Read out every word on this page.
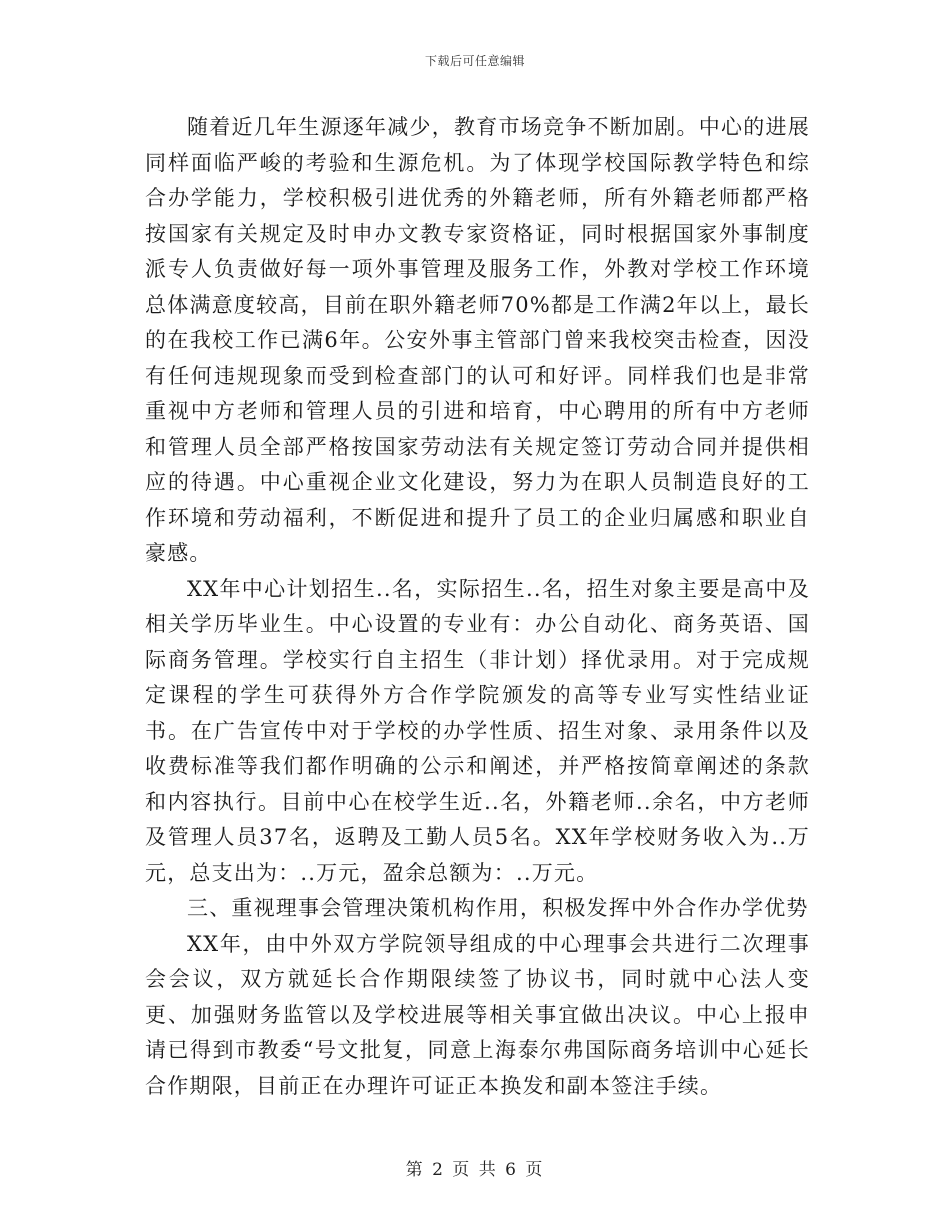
下载后可任意编辑

随着近几年生源逐年减少，教育市场竞争不断加剧。中心的进展同样面临严峻的考验和生源危机。为了体现学校国际教学特色和综合办学能力，学校积极引进优秀的外籍老师，所有外籍老师都严格按国家有关规定及时申办文教专家资格证，同时根据国家外事制度派专人负责做好每一项外事管理及服务工作，外教对学校工作环境总体满意度较高，目前在职外籍老师70%都是工作满2年以上，最长的在我校工作已满6年。公安外事主管部门曾来我校突击检查，因没有任何违规现象而受到检查部门的认可和好评。同样我们也是非常重视中方老师和管理人员的引进和培育，中心聘用的所有中方老师和管理人员全部严格按国家劳动法有关规定签订劳动合同并提供相应的待遇。中心重视企业文化建设，努力为在职人员制造良好的工作环境和劳动福利，不断促进和提升了员工的企业归属感和职业自豪感。

XX年中心计划招生..名，实际招生..名，招生对象主要是高中及相关学历毕业生。中心设置的专业有：办公自动化、商务英语、国际商务管理。学校实行自主招生（非计划）择优录用。对于完成规定课程的学生可获得外方合作学院颁发的高等专业写实性结业证书。在广告宣传中对于学校的办学性质、招生对象、录用条件以及收费标准等我们都作明确的公示和阐述，并严格按简章阐述的条款和内容执行。目前中心在校学生近..名，外籍老师..余名，中方老师及管理人员37名，返聘及工勤人员5名。XX年学校财务收入为..万元，总支出为：..万元，盈余总额为：..万元。

三、重视理事会管理决策机构作用，积极发挥中外合作办学优势

XX年，由中外双方学院领导组成的中心理事会共进行二次理事会会议，双方就延长合作期限续签了协议书，同时就中心法人变更、加强财务监管以及学校进展等相关事宜做出决议。中心上报申请已得到市教委“号文批复，同意上海泰尔弗国际商务培训中心延长合作期限，目前正在办理许可证正本换发和副本签注手续。

第 2 页 共 6 页
